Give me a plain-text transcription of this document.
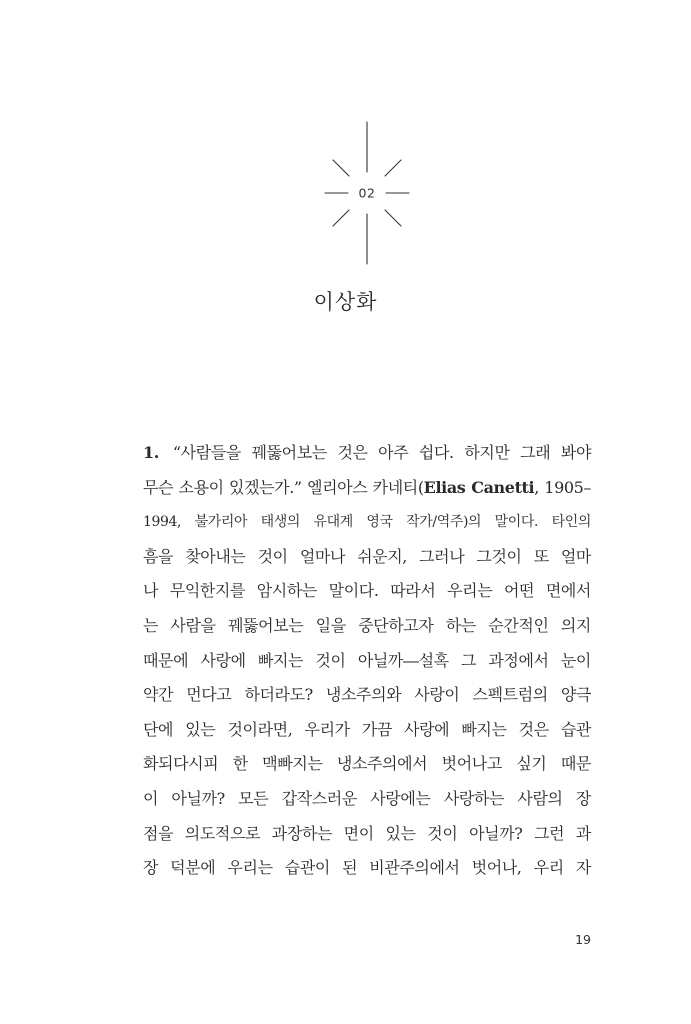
02
이상화
1. “사람들을 꿰뚫어보는 것은 아주 쉽다. 하지만 그래 봐야
무슨 소용이 있겠는가.” 엘리아스 카네티(Elias Canetti, 1905–
1994, 불가리아 태생의 유대계 영국 작가/역주)의 말이다. 타인의
흠을 찾아내는 것이 얼마나 쉬운지, 그러나 그것이 또 얼마
나 무익한지를 암시하는 말이다. 따라서 우리는 어떤 면에서
는 사람을 꿰뚫어보는 일을 중단하고자 하는 순간적인 의지
때문에 사랑에 빠지는 것이 아닐까―설혹 그 과정에서 눈이
약간 먼다고 하더라도? 냉소주의와 사랑이 스펙트럼의 양극
단에 있는 것이라면, 우리가 가끔 사랑에 빠지는 것은 습관
화되다시피 한 맥빠지는 냉소주의에서 벗어나고 싶기 때문
이 아닐까? 모든 갑작스러운 사랑에는 사랑하는 사람의 장
점을 의도적으로 과장하는 면이 있는 것이 아닐까? 그런 과
장 덕분에 우리는 습관이 된 비관주의에서 벗어나, 우리 자
19
